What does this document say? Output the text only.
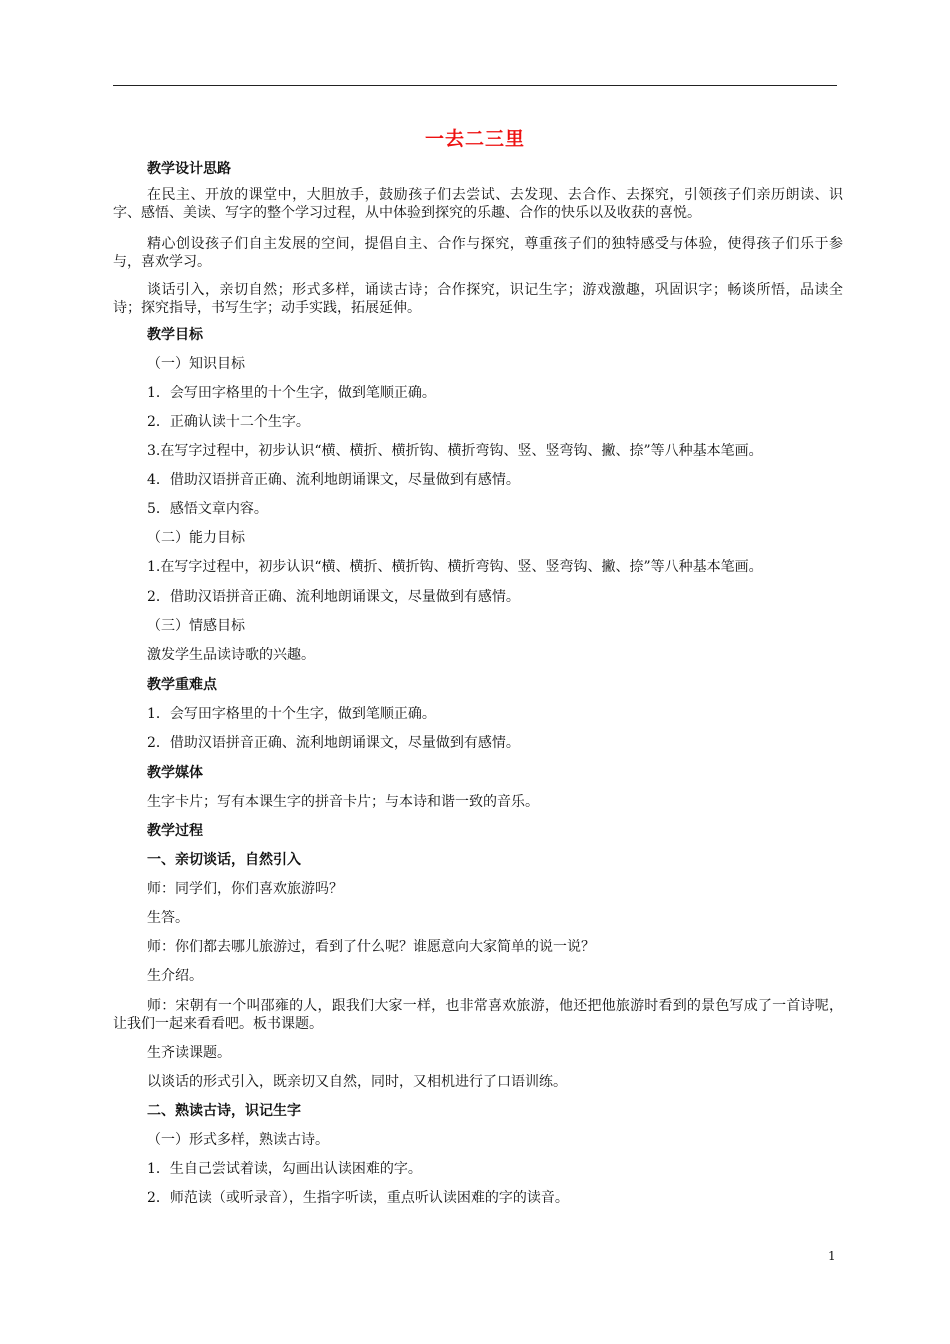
一去二三里
教学设计思路
在民主、开放的课堂中，大胆放手，鼓励孩子们去尝试、去发现、去合作、去探究，引领孩子们亲历朗读、识字、感悟、美读、写字的整个学习过程，从中体验到探究的乐趣、合作的快乐以及收获的喜悦。
精心创设孩子们自主发展的空间，提倡自主、合作与探究，尊重孩子们的独特感受与体验，使得孩子们乐于参与，喜欢学习。
谈话引入，亲切自然；形式多样，诵读古诗；合作探究，识记生字；游戏激趣，巩固识字；畅谈所悟，品读全诗；探究指导，书写生字；动手实践，拓展延伸。
教学目标
（一）知识目标
1．会写田字格里的十个生字，做到笔顺正确。
2．正确认读十二个生字。
3.在写字过程中，初步认识“横、横折、横折钩、横折弯钩、竖、竖弯钩、撇、捺”等八种基本笔画。
4．借助汉语拼音正确、流利地朗诵课文，尽量做到有感情。
5．感悟文章内容。
（二）能力目标
1.在写字过程中，初步认识“横、横折、横折钩、横折弯钩、竖、竖弯钩、撇、捺”等八种基本笔画。
2．借助汉语拼音正确、流利地朗诵课文，尽量做到有感情。
（三）情感目标
激发学生品读诗歌的兴趣。
教学重难点
1．会写田字格里的十个生字，做到笔顺正确。
2．借助汉语拼音正确、流利地朗诵课文，尽量做到有感情。
教学媒体
生字卡片；写有本课生字的拼音卡片；与本诗和谐一致的音乐。
教学过程
一、亲切谈话，自然引入
师：同学们，你们喜欢旅游吗？
生答。
师：你们都去哪儿旅游过，看到了什么呢？谁愿意向大家简单的说一说？
生介绍。
师：宋朝有一个叫邵雍的人，跟我们大家一样，也非常喜欢旅游，他还把他旅游时看到的景色写成了一首诗呢，让我们一起来看看吧。板书课题。
生齐读课题。
以谈话的形式引入，既亲切又自然，同时，又相机进行了口语训练。
二、熟读古诗，识记生字
（一）形式多样，熟读古诗。
1．生自己尝试着读，勾画出认读困难的字。
2．师范读（或听录音），生指字听读，重点听认读困难的字的读音。
1
